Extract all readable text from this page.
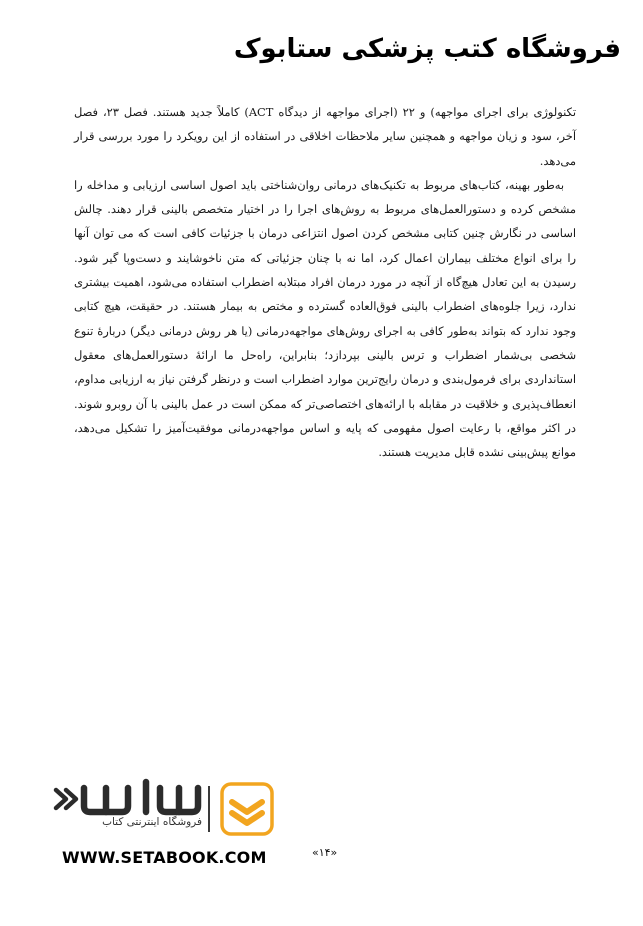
فروشگاه کتب پزشکی ستابوک

تکنولوژی برای اجرای مواجهه) و ۲۲ (اجرای مواجهه از دیدگاه ACT) کاملاً جدید هستند. فصل ۲۳، فصل آخر، سود و زیان مواجهه و همچنین سایر ملاحظات اخلاقی در استفاده از این رویکرد را مورد بررسی قرار می‌دهد.

به‌طور بهینه، کتاب‌های مربوط به تکنیک‌های درمانی روان‌شناختی باید اصول اساسی ارزیابی و مداخله را مشخص کرده و دستورالعمل‌های مربوط به روش‌های اجرا را در اختیار متخصص بالینی قرار دهند. چالش اساسی در نگارش چنین کتابی مشخص کردن اصول انتزاعی درمان با جزئیات کافی است که می توان آنها را برای انواع مختلف بیماران اعمال کرد، اما نه با چنان جزئیاتی که متن ناخوشایند و دست‌وپا گیر شود. رسیدن به این تعادل هیچ‌گاه از آنچه در مورد درمان افراد مبتلابه اضطراب استفاده می‌شود، اهمیت بیشتری ندارد، زیرا جلوه‌های اضطراب بالینی فوق‌العاده گسترده و مختص به بیمار هستند. در حقیقت، هیچ کتابی وجود ندارد که بتواند به‌طور کافی به اجرای روش‌های مواجهه‌درمانی (یا هر روش درمانی دیگر) دربارهٔ تنوع شخصی بی‌شمار اضطراب و ترس بالینی بپردازد؛ بنابراین، راه‌حل ما ارائهٔ دستورالعمل‌های معقول استانداردی برای فرمول‌بندی و درمان رایج‌ترین موارد اضطراب است و درنظر گرفتن نیاز به ارزیابی مداوم، انعطاف‌پذیری و خلاقیت در مقابله با ارائه‌های اختصاصی‌تر که ممکن است در عمل بالینی با آن روبرو شوند. در اکثر مواقع، با رعایت اصول مفهومی که پایه و اساس مواجهه‌درمانی موفقیت‌آمیز را تشکیل می‌دهد، موانع پیش‌بینی نشده قابل مدیریت هستند.

فروشگاه اینترنتی کتاب
WWW.SETABOOK.COM	«۱۴»
